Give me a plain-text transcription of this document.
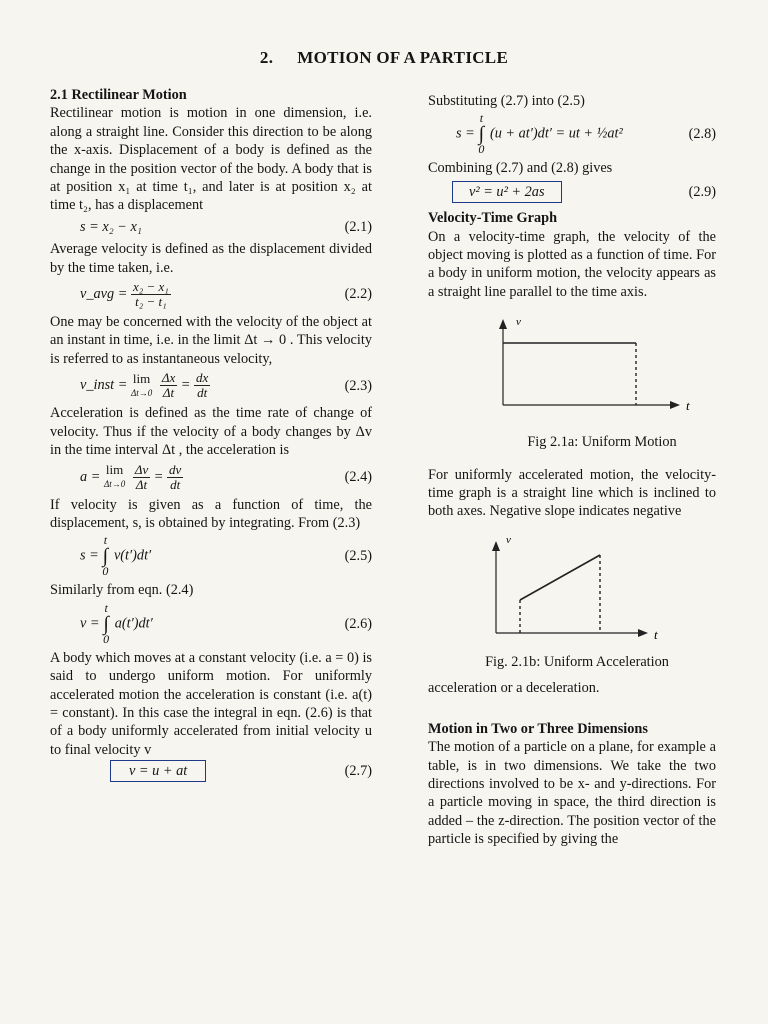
2. MOTION OF A PARTICLE
2.1 Rectilinear Motion

Rectilinear motion is motion in one dimension, i.e. along a straight line. Consider this direction to be along the x-axis. Displacement of a body is defined as the change in the position vector of the body. A body that is at position x₁ at time t₁, and later is at position x₂ at time t₂, has a displacement

s = x₂ − x₁	(2.1)

Average velocity is defined as the displacement divided by the time taken, i.e.

v_avg = $\frac{\text{x₂ − x₁}}{\text{t₂ − t₁}}$	(2.2)

One may be concerned with the velocity of the object at an instant in time, i.e. in the limit Δt → 0 . This velocity is referred to as instantaneous velocity,

v_inst = lim
Δt→0
$\frac{\Delta x}{\Delta t} = \frac{dx}{dt}$	(2.3)

Acceleration is defined as the time rate of change of velocity. Thus if the velocity of a body changes by Δv in the time interval Δt , the acceleration is

a = lim
Δt→0
$\frac{\Delta v}{\Delta t} = \frac{dv}{dt}$	(2.4)

If velocity is given as a function of time, the displacement, s, is obtained by integrating. From (2.3)

s = t
∫
0 v(t′)dt′	(2.5)

Similarly from eqn. (2.4)

v = t
∫
0 a(t′)dt′	(2.6)

A body which moves at a constant velocity (i.e. a = 0) is said to undergo uniform motion. For uniformly accelerated motion the acceleration is constant (i.e. a(t) = constant). In this case the integral in eqn. (2.6) is that of a body uniformly accelerated from initial velocity u to final velocity v

v = u + at	(2.7)

Substituting (2.7) into (2.5)

s = t
∫
0 (u + at′)dt′ = ut + ½at²	(2.8)

Combining (2.7) and (2.8) gives

v² = u² + 2as	(2.9)
Velocity-Time Graph

On a velocity-time graph, the velocity of the object moving is plotted as a function of time. For a body in uniform motion, the velocity appears as a straight line parallel to the time axis.

v
t
Fig 2.1a: Uniform Motion

For uniformly accelerated motion, the velocity-time graph is a straight line which is inclined to both axes. Negative slope indicates negative

v
t
Fig. 2.1b: Uniform Acceleration

acceleration or a deceleration.

Motion in Two or Three Dimensions

The motion of a particle on a plane, for example a table, is in two dimensions. We take the two directions involved to be x- and y-directions. For a particle moving in space, the third direction is added – the z-direction. The position vector of the particle is specified by giving the
